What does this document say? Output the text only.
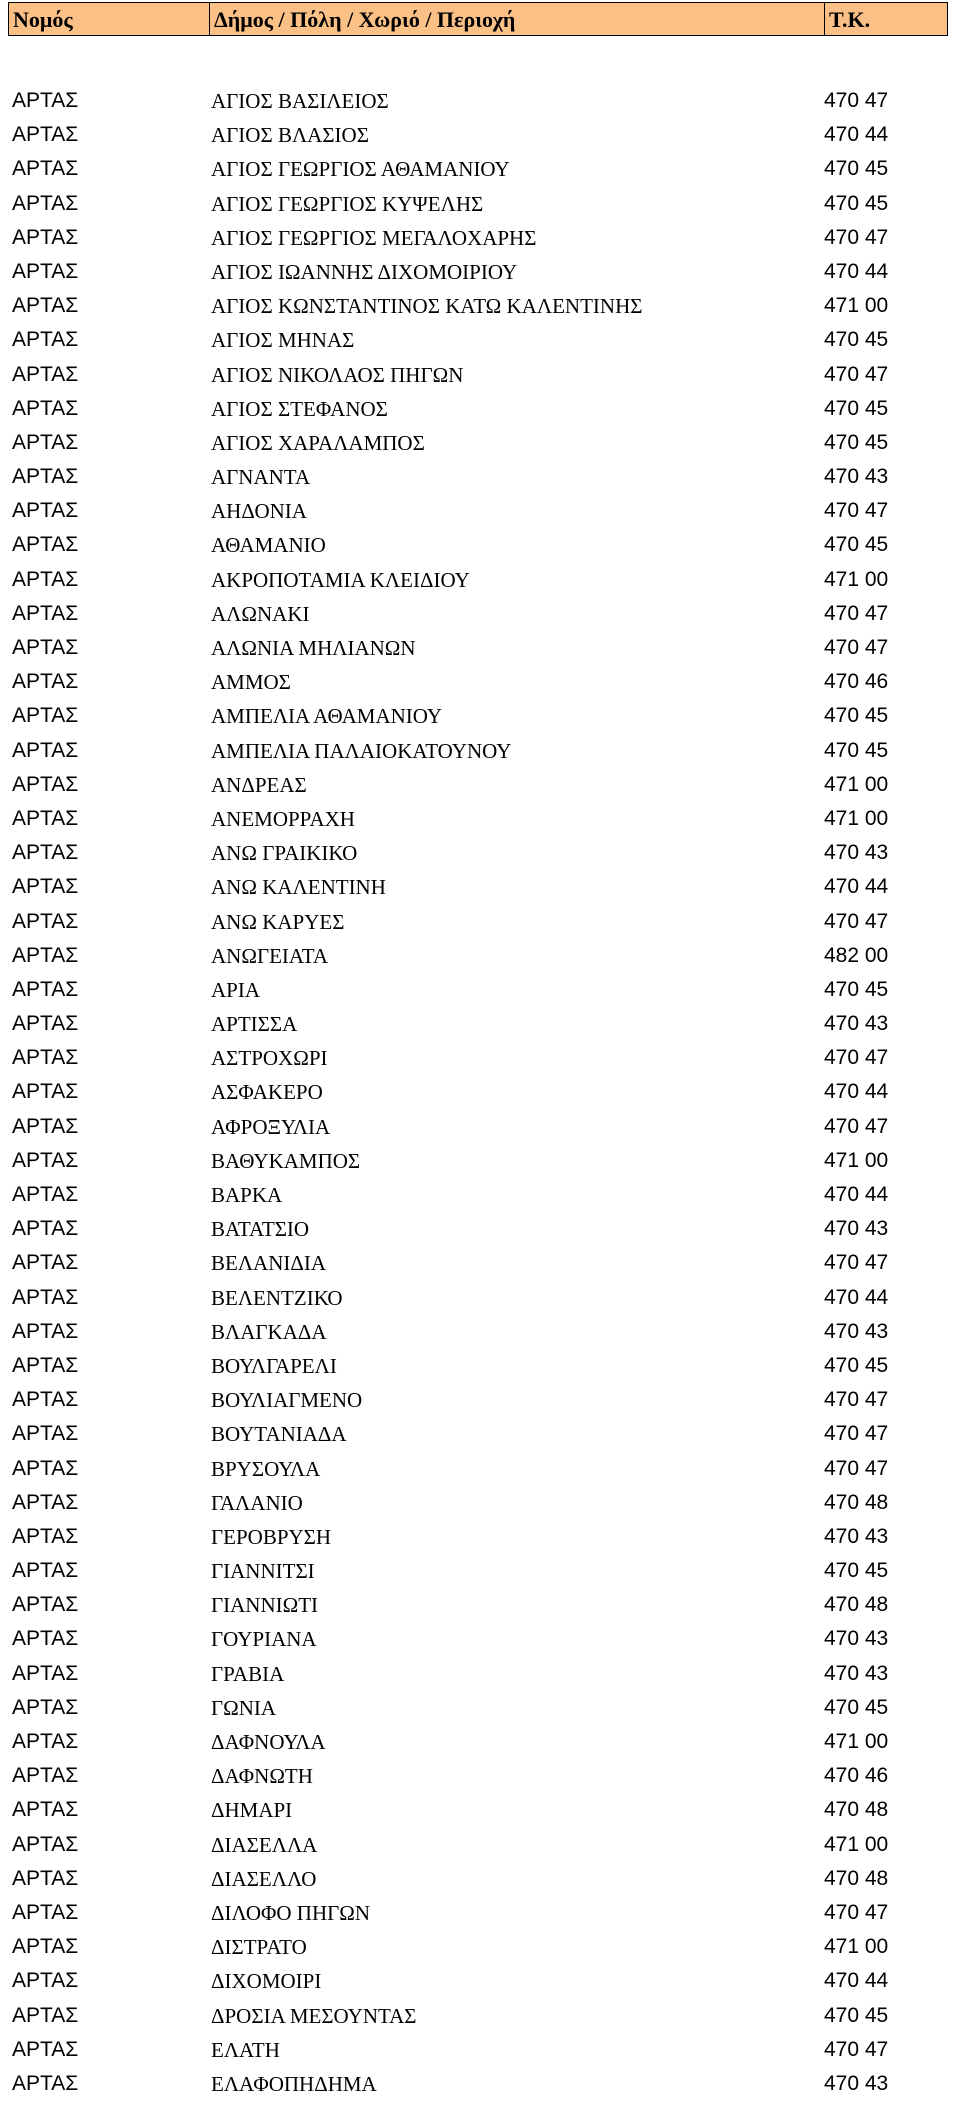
Νομός	Δήμος / Πόλη / Χωριό / Περιοχή	Τ.Κ.
ΑΡΤΑΣ	ΑΓΙΟΣ ΒΑΣΙΛΕΙΟΣ	470 47
ΑΡΤΑΣ	ΑΓΙΟΣ ΒΛΑΣΙΟΣ	470 44
ΑΡΤΑΣ	ΑΓΙΟΣ ΓΕΩΡΓΙΟΣ ΑΘΑΜΑΝΙΟΥ	470 45
ΑΡΤΑΣ	ΑΓΙΟΣ ΓΕΩΡΓΙΟΣ ΚΥΨΕΛΗΣ	470 45
ΑΡΤΑΣ	ΑΓΙΟΣ ΓΕΩΡΓΙΟΣ ΜΕΓΑΛΟΧΑΡΗΣ	470 47
ΑΡΤΑΣ	ΑΓΙΟΣ ΙΩΑΝΝΗΣ ΔΙΧΟΜΟΙΡΙΟΥ	470 44
ΑΡΤΑΣ	ΑΓΙΟΣ ΚΩΝΣΤΑΝΤΙΝΟΣ ΚΑΤΩ ΚΑΛΕΝΤΙΝΗΣ	471 00
ΑΡΤΑΣ	ΑΓΙΟΣ ΜΗΝΑΣ	470 45
ΑΡΤΑΣ	ΑΓΙΟΣ ΝΙΚΟΛΑΟΣ ΠΗΓΩΝ	470 47
ΑΡΤΑΣ	ΑΓΙΟΣ ΣΤΕΦΑΝΟΣ	470 45
ΑΡΤΑΣ	ΑΓΙΟΣ ΧΑΡΑΛΑΜΠΟΣ	470 45
ΑΡΤΑΣ	ΑΓΝΑΝΤΑ	470 43
ΑΡΤΑΣ	ΑΗΔΟΝΙΑ	470 47
ΑΡΤΑΣ	ΑΘΑΜΑΝΙΟ	470 45
ΑΡΤΑΣ	ΑΚΡΟΠΟΤΑΜΙΑ ΚΛΕΙΔΙΟΥ	471 00
ΑΡΤΑΣ	ΑΛΩΝΑΚΙ	470 47
ΑΡΤΑΣ	ΑΛΩΝΙΑ ΜΗΛΙΑΝΩΝ	470 47
ΑΡΤΑΣ	ΑΜΜΟΣ	470 46
ΑΡΤΑΣ	ΑΜΠΕΛΙΑ ΑΘΑΜΑΝΙΟΥ	470 45
ΑΡΤΑΣ	ΑΜΠΕΛΙΑ ΠΑΛΑΙΟΚΑΤΟΥΝΟΥ	470 45
ΑΡΤΑΣ	ΑΝΔΡΕΑΣ	471 00
ΑΡΤΑΣ	ΑΝΕΜΟΡΡΑΧΗ	471 00
ΑΡΤΑΣ	ΑΝΩ ΓΡΑΙΚΙΚΟ	470 43
ΑΡΤΑΣ	ΑΝΩ ΚΑΛΕΝΤΙΝΗ	470 44
ΑΡΤΑΣ	ΑΝΩ ΚΑΡΥΕΣ	470 47
ΑΡΤΑΣ	ΑΝΩΓΕΙΑΤΑ	482 00
ΑΡΤΑΣ	ΑΡΙΑ	470 45
ΑΡΤΑΣ	ΑΡΤΙΣΣΑ	470 43
ΑΡΤΑΣ	ΑΣΤΡΟΧΩΡΙ	470 47
ΑΡΤΑΣ	ΑΣΦΑΚΕΡΟ	470 44
ΑΡΤΑΣ	ΑΦΡΟΞΥΛΙΑ	470 47
ΑΡΤΑΣ	ΒΑΘΥΚΑΜΠΟΣ	471 00
ΑΡΤΑΣ	ΒΑΡΚΑ	470 44
ΑΡΤΑΣ	ΒΑΤΑΤΣΙΟ	470 43
ΑΡΤΑΣ	ΒΕΛΑΝΙΔΙΑ	470 47
ΑΡΤΑΣ	ΒΕΛΕΝΤΖΙΚΟ	470 44
ΑΡΤΑΣ	ΒΛΑΓΚΑΔΑ	470 43
ΑΡΤΑΣ	ΒΟΥΛΓΑΡΕΛΙ	470 45
ΑΡΤΑΣ	ΒΟΥΛΙΑΓΜΕΝΟ	470 47
ΑΡΤΑΣ	ΒΟΥΤΑΝΙΑΔΑ	470 47
ΑΡΤΑΣ	ΒΡΥΣΟΥΛΑ	470 47
ΑΡΤΑΣ	ΓΑΛΑΝΙΟ	470 48
ΑΡΤΑΣ	ΓΕΡΟΒΡΥΣΗ	470 43
ΑΡΤΑΣ	ΓΙΑΝΝΙΤΣΙ	470 45
ΑΡΤΑΣ	ΓΙΑΝΝΙΩΤΙ	470 48
ΑΡΤΑΣ	ΓΟΥΡΙΑΝΑ	470 43
ΑΡΤΑΣ	ΓΡΑΒΙΑ	470 43
ΑΡΤΑΣ	ΓΩΝΙΑ	470 45
ΑΡΤΑΣ	ΔΑΦΝΟΥΛΑ	471 00
ΑΡΤΑΣ	ΔΑΦΝΩΤΗ	470 46
ΑΡΤΑΣ	ΔΗΜΑΡΙ	470 48
ΑΡΤΑΣ	ΔΙΑΣΕΛΛΑ	471 00
ΑΡΤΑΣ	ΔΙΑΣΕΛΛΟ	470 48
ΑΡΤΑΣ	ΔΙΛΟΦΟ ΠΗΓΩΝ	470 47
ΑΡΤΑΣ	ΔΙΣΤΡΑΤΟ	471 00
ΑΡΤΑΣ	ΔΙΧΟΜΟΙΡΙ	470 44
ΑΡΤΑΣ	ΔΡΟΣΙΑ ΜΕΣΟΥΝΤΑΣ	470 45
ΑΡΤΑΣ	ΕΛΑΤΗ	470 47
ΑΡΤΑΣ	ΕΛΑΦΟΠΗΔΗΜΑ	470 43
